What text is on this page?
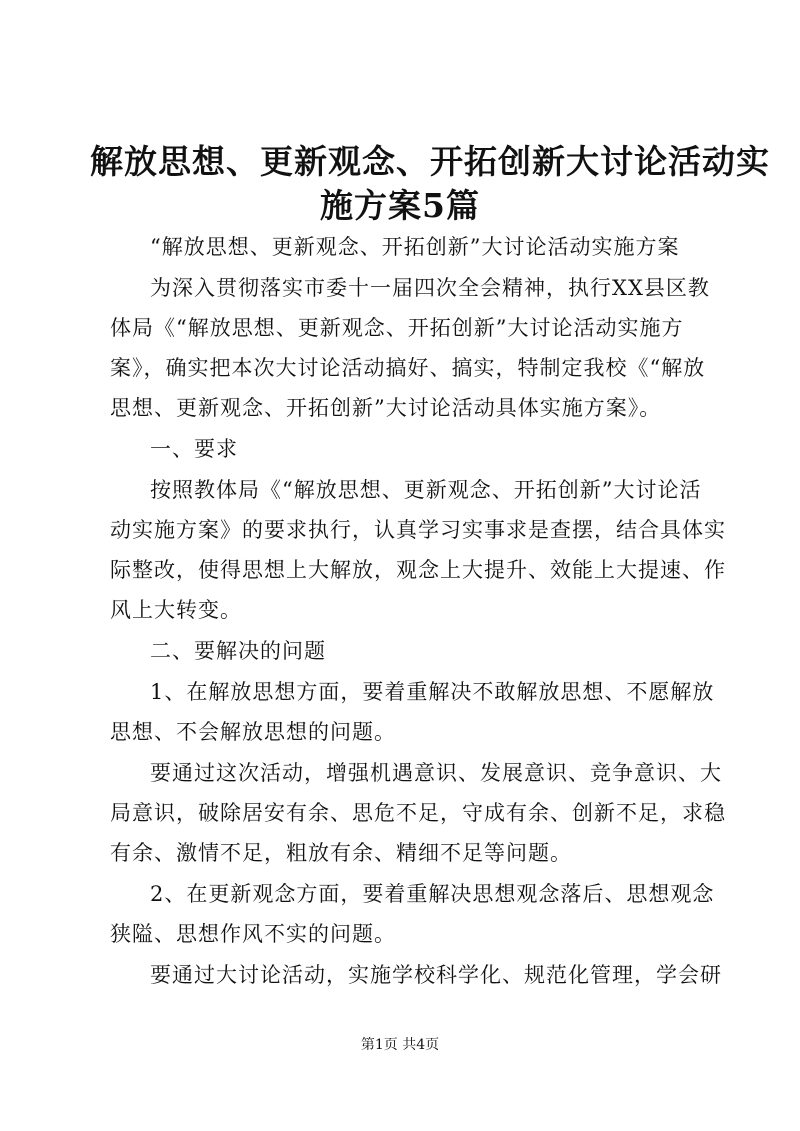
解放思想、更新观念、开拓创新大讨论活动实
施方案5篇
“解放思想、更新观念、开拓创新”大讨论活动实施方案
为深入贯彻落实市委十一届四次全会精神，执行XX县区教
体局《“解放思想、更新观念、开拓创新”大讨论活动实施方
案》，确实把本次大讨论活动搞好、搞实，特制定我校《“解放
思想、更新观念、开拓创新”大讨论活动具体实施方案》。
一、要求
按照教体局《“解放思想、更新观念、开拓创新”大讨论活
动实施方案》的要求执行，认真学习实事求是查摆，结合具体实
际整改，使得思想上大解放，观念上大提升、效能上大提速、作
风上大转变。
二、要解决的问题
1、在解放思想方面，要着重解决不敢解放思想、不愿解放
思想、不会解放思想的问题。
要通过这次活动，增强机遇意识、发展意识、竞争意识、大
局意识，破除居安有余、思危不足，守成有余、创新不足，求稳
有余、激情不足，粗放有余、精细不足等问题。
2、在更新观念方面，要着重解决思想观念落后、思想观念
狭隘、思想作风不实的问题。
要通过大讨论活动，实施学校科学化、规范化管理，学会研
第1页 共4页
